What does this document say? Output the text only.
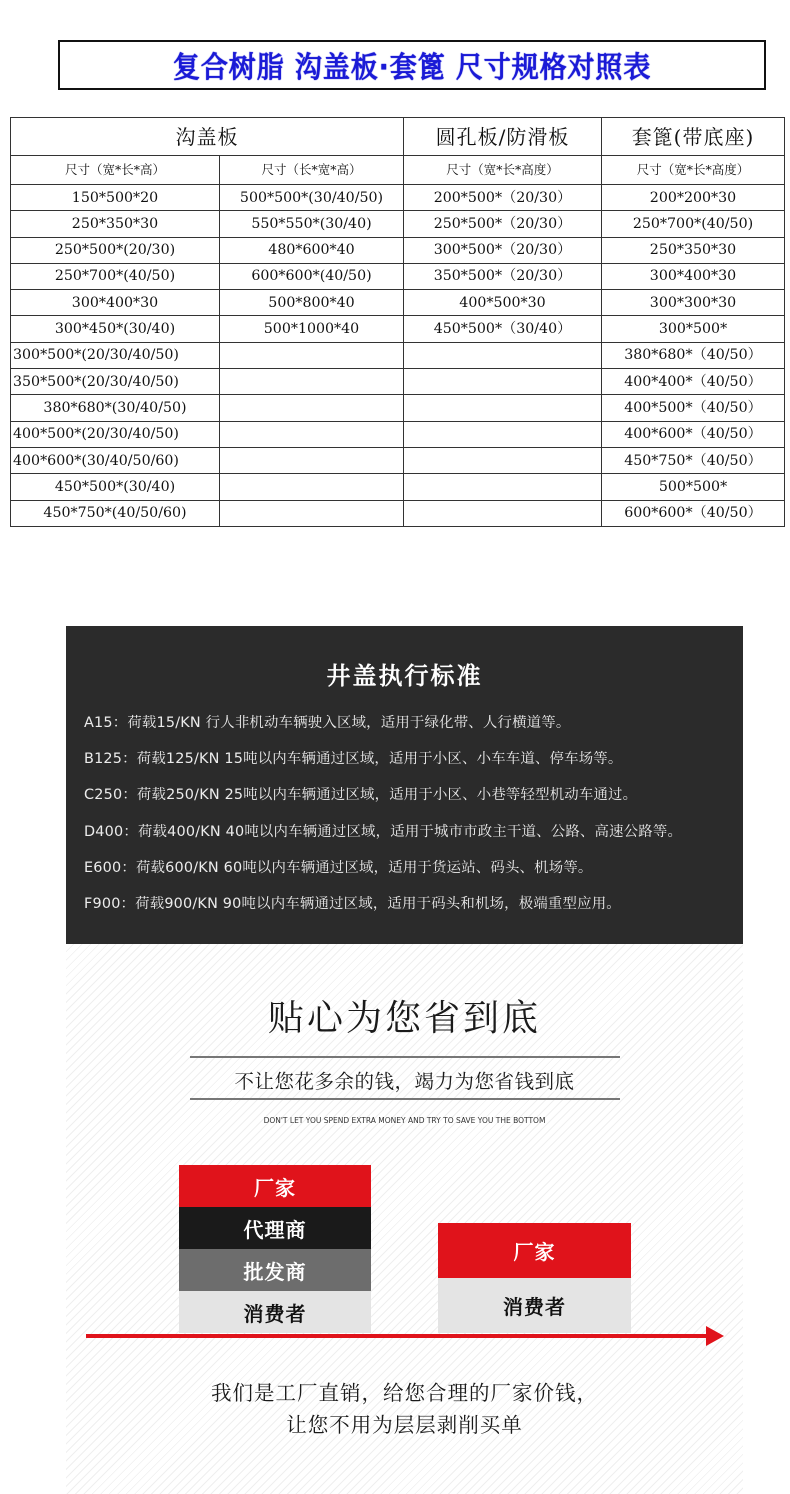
复合树脂 沟盖板·套篦 尺寸规格对照表
沟盖板		圆孔板/防滑板	套篦(带底座)
尺寸（宽*长*高）	尺寸（长*宽*高）	尺寸（宽*长*高度）	尺寸（宽*长*高度）
150*500*20	500*500*(30/40/50)	200*500*（20/30）	200*200*30
250*350*30	550*550*(30/40)	250*500*（20/30）	250*700*(40/50)
250*500*(20/30)	480*600*40	300*500*（20/30）	250*350*30
250*700*(40/50)	600*600*(40/50)	350*500*（20/30）	300*400*30
300*400*30	500*800*40	400*500*30	300*300*30
300*450*(30/40)	500*1000*40	450*500*（30/40）	300*500*
300*500*(20/30/40/50)			380*680*（40/50）
350*500*(20/30/40/50)			400*400*（40/50）
380*680*(30/40/50)			400*500*（40/50）
400*500*(20/30/40/50)			400*600*（40/50）
400*600*(30/40/50/60)			450*750*（40/50）
450*500*(30/40)			500*500*
450*750*(40/50/60)			600*600*（40/50）
井盖执行标准
A15：荷载15/KN 行人非机动车辆驶入区域，适用于绿化带、人行横道等。
B125：荷载125/KN 15吨以内车辆通过区域，适用于小区、小车车道、停车场等。
C250：荷载250/KN 25吨以内车辆通过区域，适用于小区、小巷等轻型机动车通过。
D400：荷载400/KN 40吨以内车辆通过区域，适用于城市市政主干道、公路、高速公路等。
E600：荷载600/KN 60吨以内车辆通过区域，适用于货运站、码头、机场等。
F900：荷载900/KN 90吨以内车辆通过区域，适用于码头和机场，极端重型应用。
贴心为您省到底
不让您花多余的钱，竭力为您省钱到底
DON'T LET YOU SPEND EXTRA MONEY AND TRY TO SAVE YOU THE BOTTOM
厂家
代理商
批发商
消费者
厂家
消费者
我们是工厂直销，给您合理的厂家价钱，
让您不用为层层剥削买单
